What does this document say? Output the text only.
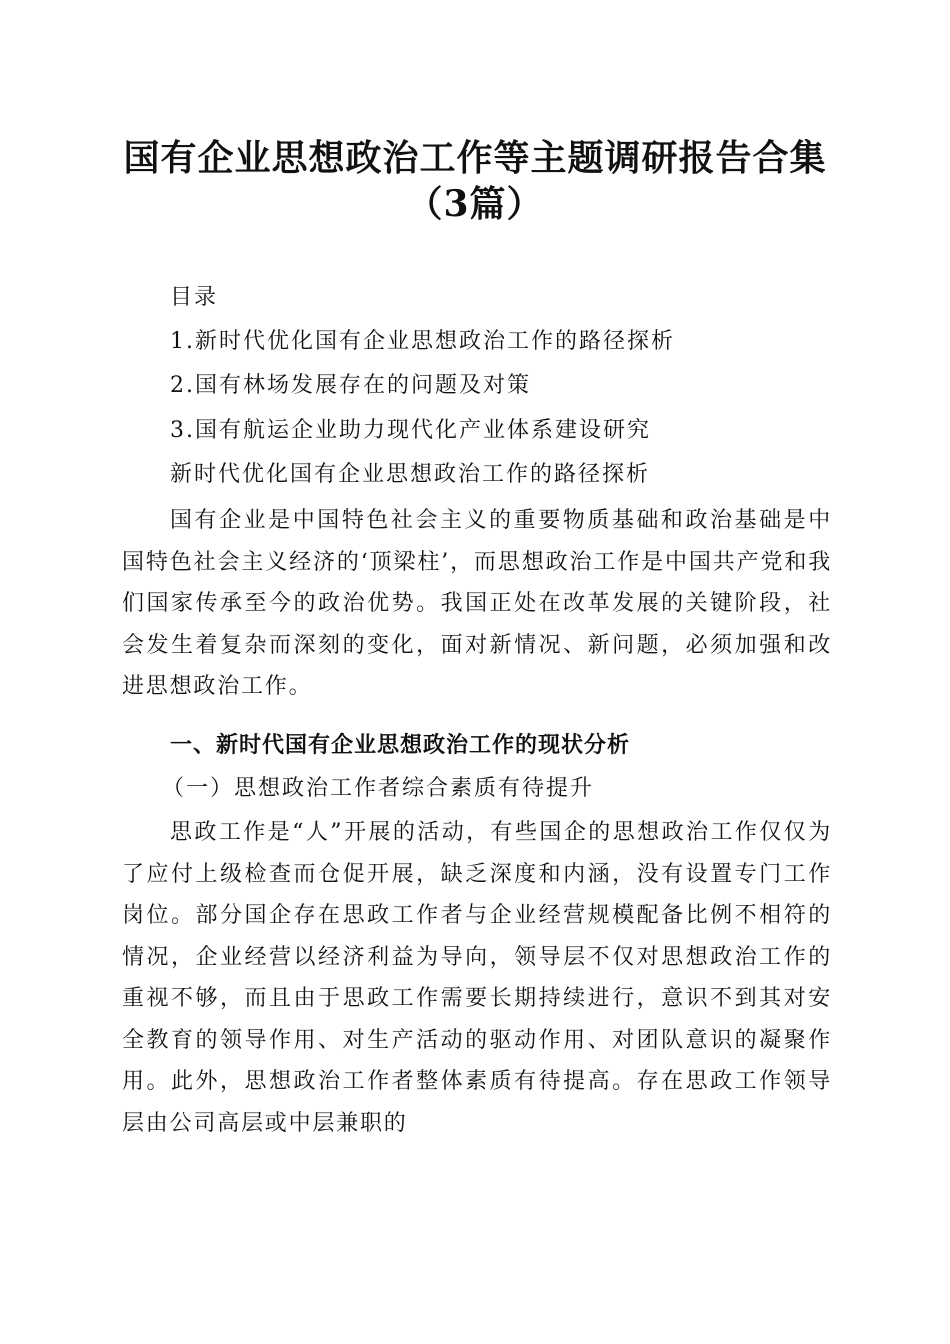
国有企业思想政治工作等主题调研报告合集
（3篇）
目录
1.新时代优化国有企业思想政治工作的路径探析
2.国有林场发展存在的问题及对策
3.国有航运企业助力现代化产业体系建设研究
新时代优化国有企业思想政治工作的路径探析
国有企业是中国特色社会主义的重要物质基础和政治基础是中国特色社会主义经济的‘顶梁柱’，而思想政治工作是中国共产党和我们国家传承至今的政治优势。我国正处在改革发展的关键阶段，社会发生着复杂而深刻的变化，面对新情况、新问题，必须加强和改进思想政治工作。
一、新时代国有企业思想政治工作的现状分析
（一）思想政治工作者综合素质有待提升
思政工作是“人”开展的活动，有些国企的思想政治工作仅仅为了应付上级检查而仓促开展，缺乏深度和内涵，没有设置专门工作岗位。部分国企存在思政工作者与企业经营规模配备比例不相符的情况，企业经营以经济利益为导向，领导层不仅对思想政治工作的重视不够，而且由于思政工作需要长期持续进行，意识不到其对安全教育的领导作用、对生产活动的驱动作用、对团队意识的凝聚作用。此外，思想政治工作者整体素质有待提高。存在思政工作领导层由公司高层或中层兼职的
